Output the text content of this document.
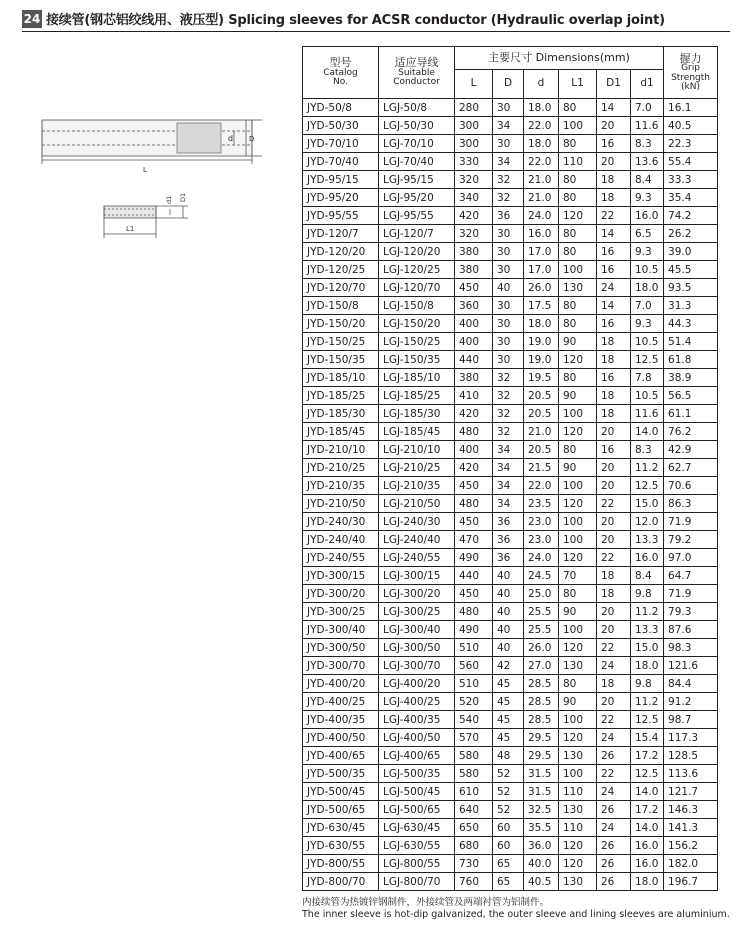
24 接续管(钢芯铝绞线用、液压型) Splicing sleeves for ACSR conductor (Hydraulic overlap joint)
L
d D
L1
d1 D1
型号
Catalog
No.	适应导线
Suitable
Conductor	主要尺寸 Dimensions(mm)						握力
Grip
Strength
(kN)

		L	D	d	L1	D1	d1	
JYD-50/8	LGJ-50/8	280	30	18.0	80	14	7.0	16.1
JYD-50/30	LGJ-50/30	300	34	22.0	100	20	11.6	40.5
JYD-70/10	LGJ-70/10	300	30	18.0	80	16	8.3	22.3
JYD-70/40	LGJ-70/40	330	34	22.0	110	20	13.6	55.4
JYD-95/15	LGJ-95/15	320	32	21.0	80	18	8.4	33.3
JYD-95/20	LGJ-95/20	340	32	21.0	80	18	9.3	35.4
JYD-95/55	LGJ-95/55	420	36	24.0	120	22	16.0	74.2
JYD-120/7	LGJ-120/7	320	30	16.0	80	14	6.5	26.2
JYD-120/20	LGJ-120/20	380	30	17.0	80	16	9.3	39.0
JYD-120/25	LGJ-120/25	380	30	17.0	100	16	10.5	45.5
JYD-120/70	LGJ-120/70	450	40	26.0	130	24	18.0	93.5
JYD-150/8	LGJ-150/8	360	30	17.5	80	14	7.0	31.3
JYD-150/20	LGJ-150/20	400	30	18.0	80	16	9.3	44.3
JYD-150/25	LGJ-150/25	400	30	19.0	90	18	10.5	51.4
JYD-150/35	LGJ-150/35	440	30	19.0	120	18	12.5	61.8
JYD-185/10	LGJ-185/10	380	32	19.5	80	16	7.8	38.9
JYD-185/25	LGJ-185/25	410	32	20.5	90	18	10.5	56.5
JYD-185/30	LGJ-185/30	420	32	20.5	100	18	11.6	61.1
JYD-185/45	LGJ-185/45	480	32	21.0	120	20	14.0	76.2
JYD-210/10	LGJ-210/10	400	34	20.5	80	16	8.3	42.9
JYD-210/25	LGJ-210/25	420	34	21.5	90	20	11.2	62.7
JYD-210/35	LGJ-210/35	450	34	22.0	100	20	12.5	70.6
JYD-210/50	LGJ-210/50	480	34	23.5	120	22	15.0	86.3
JYD-240/30	LGJ-240/30	450	36	23.0	100	20	12.0	71.9
JYD-240/40	LGJ-240/40	470	36	23.0	100	20	13.3	79.2
JYD-240/55	LGJ-240/55	490	36	24.0	120	22	16.0	97.0
JYD-300/15	LGJ-300/15	440	40	24.5	70	18	8.4	64.7
JYD-300/20	LGJ-300/20	450	40	25.0	80	18	9.8	71.9
JYD-300/25	LGJ-300/25	480	40	25.5	90	20	11.2	79.3
JYD-300/40	LGJ-300/40	490	40	25.5	100	20	13.3	87.6
JYD-300/50	LGJ-300/50	510	40	26.0	120	22	15.0	98.3
JYD-300/70	LGJ-300/70	560	42	27.0	130	24	18.0	121.6
JYD-400/20	LGJ-400/20	510	45	28.5	80	18	9.8	84.4
JYD-400/25	LGJ-400/25	520	45	28.5	90	20	11.2	91.2
JYD-400/35	LGJ-400/35	540	45	28.5	100	22	12.5	98.7
JYD-400/50	LGJ-400/50	570	45	29.5	120	24	15.4	117.3
JYD-400/65	LGJ-400/65	580	48	29.5	130	26	17.2	128.5
JYD-500/35	LGJ-500/35	580	52	31.5	100	22	12.5	113.6
JYD-500/45	LGJ-500/45	610	52	31.5	110	24	14.0	121.7
JYD-500/65	LGJ-500/65	640	52	32.5	130	26	17.2	146.3
JYD-630/45	LGJ-630/45	650	60	35.5	110	24	14.0	141.3
JYD-630/55	LGJ-630/55	680	60	36.0	120	26	16.0	156.2
JYD-800/55	LGJ-800/55	730	65	40.0	120	26	16.0	182.0
JYD-800/70	LGJ-800/70	760	65	40.5	130	26	18.0	196.7
内接续管为热镀锌钢制件，外接续管及两端衬管为铝制件。
The inner sleeve is hot-dip galvanized, the outer sleeve and lining sleeves are aluminium.
